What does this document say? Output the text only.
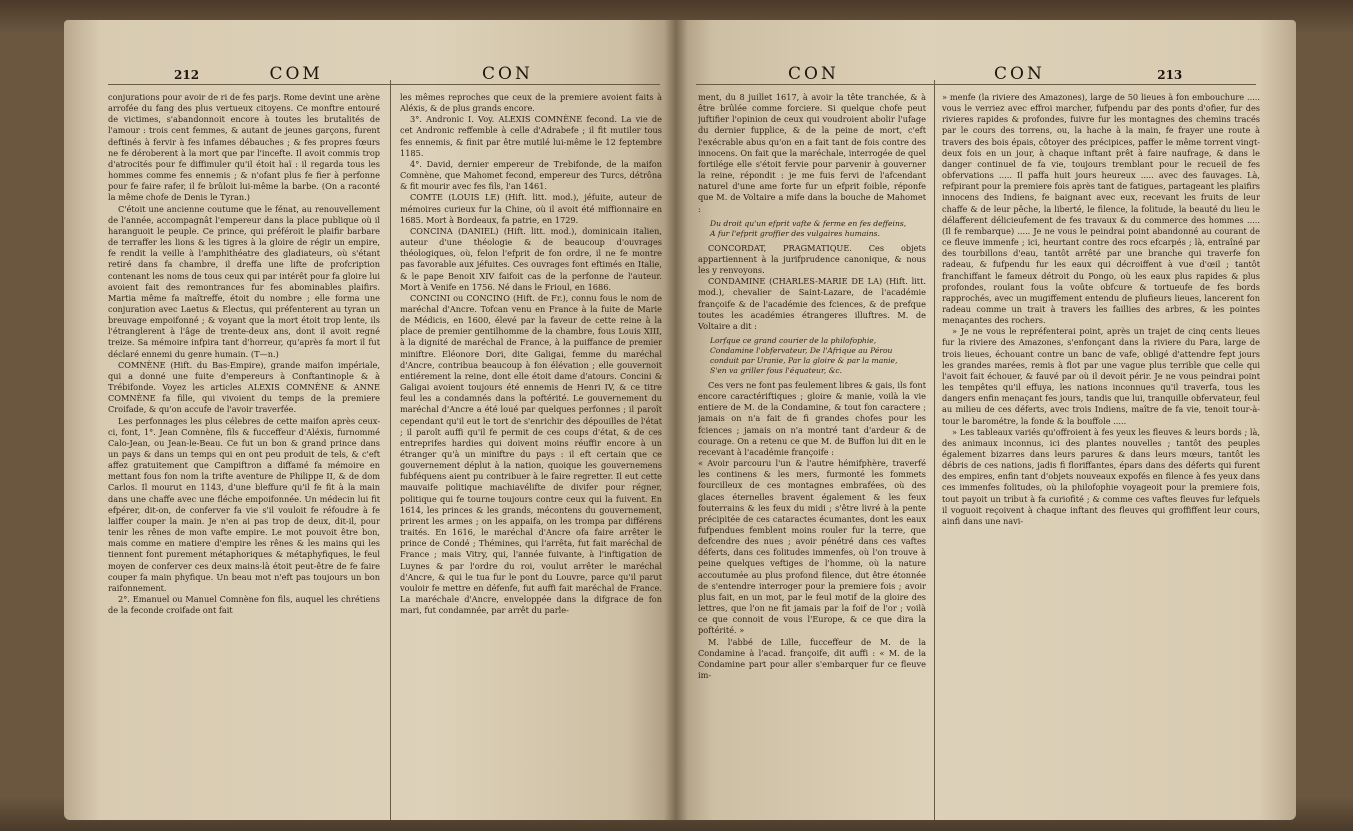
212	COM	CON

conjurations pour avoir de ri de fes parjs. Rome devint une arène arrofée du fang des plus vertueux citoyens. Ce monftre entouré de victimes, s'abandonnoit encore à toutes les brutalités de l'amour : trois cent femmes, & autant de jeunes garçons, furent deftinés à fervir à fes infames débauches ; & fes propres fœurs ne fe déroberent à la mort que par l'incefte. Il avoit commis trop d'atrocités pour fe diffimuler qu'il étoit haï : il regarda tous les hommes comme fes ennemis ; & n'ofant plus fe fier à perfonne pour fe faire rafer, il fe brûloit lui-même la barbe. (On a raconté la même chofe de Denis le Tyran.)

C'étoit une ancienne coutume que le fénat, au renouvellement de l'année, accompagnât l'empereur dans la place publique où il haranguoit le peuple. Ce prince, qui préféroit le plaifir barbare de terraffer les lions & les tigres à la gloire de régir un empire, fe rendit la veille à l'amphithéatre des gladiateurs, où s'étant retiré dans fa chambre, il dreffa une lifte de profcription contenant les noms de tous ceux qui par intérêt pour fa gloire lui avoient fait des remontrances fur fes abominables plaifirs. Martia même fa maîtreffe, étoit du nombre ; elle forma une conjuration avec Laetus & Electus, qui préfenterent au tyran un breuvage empoifonné ; & voyant que la mort étoit trop lente, ils l'étranglerent à l'âge de trente-deux ans, dont il avoit regné treize. Sa mémoire infpira tant d'horreur, qu'après fa mort il fut déclaré ennemi du genre humain. (T—n.)

COMNÈNE (Hift. du Bas-Empire), grande maifon impériale, qui a donné une fuite d'empereurs à Conftantinople & à Trébifonde. Voyez les articles ALEXIS COMNÈNE & ANNE COMNÈNE fa fille, qui vivoient du temps de la premiere Croifade, & qu'on accufe de l'avoir traverfée.

Les perfonnages les plus célebres de cette maifon après ceux-ci, font, 1°. Jean Comnène, fils & fucceffeur d'Aléxis, furnommé Calo-Jean, ou Jean-le-Beau. Ce fut un bon & grand prince dans un pays & dans un temps qui en ont peu produit de tels, & c'eft affez gratuitement que Campiftron a diffamé fa mémoire en mettant fous fon nom la trifte aventure de Philippe II, & de dom Carlos. Il mourut en 1143, d'une bleffure qu'il fe fit à la main dans une chaffe avec une fléche empoifonnée. Un médecin lui fit efpérer, dit-on, de conferver fa vie s'il vouloit fe réfoudre à fe laiffer couper la main. Je n'en ai pas trop de deux, dit-il, pour tenir les rênes de mon vafte empire. Le mot pouvoit être bon, mais comme en matiere d'empire les rênes & les mains qui les tiennent font purement métaphoriques & métaphyfiques, le feul moyen de conferver ces deux mains-là étoit peut-être de fe faire couper fa main phyfique. Un beau mot n'eft pas toujours un bon raifonnement.

2°. Emanuel ou Manuel Comnène fon fils, auquel les chrétiens de la feconde croifade ont fait

les mêmes reproches que ceux de la premiere avoient faits à Aléxis, & de plus grands encore.

3°. Andronic I. Voy. ALEXIS COMNÈNE fecond. La vie de cet Andronic reffemble à celle d'Adrabefe ; il fit mutiler tous fes ennemis, & finit par être mutilé lui-même le 12 feptembre 1185.

4°. David, dernier empereur de Trebifonde, de la maifon Comnène, que Mahomet fecond, empereur des Turcs, détrôna & fit mourir avec fes fils, l'an 1461.

COMTE (LOUIS LE) (Hift. litt. mod.), jéfuite, auteur de mémoires curieux fur la Chine, où il avoit été miffionnaire en 1685. Mort à Bordeaux, fa patrie, en 1729.

CONCINA (DANIEL) (Hift. litt. mod.), dominicain italien, auteur d'une théologie & de beaucoup d'ouvrages théologiques, où, felon l'efprit de fon ordre, il ne fe montre pas favorable aux jéfuites. Ces ouvrages font eftimés en Italie, & le pape Benoit XIV faifoit cas de la perfonne de l'auteur. Mort à Venife en 1756. Né dans le Frioul, en 1686.

CONCINI ou CONCINO (Hift. de Fr.), connu fous le nom de maréchal d'Ancre. Tofcan venu en France à la fuite de Marie de Médicis, en 1600, élevé par la faveur de cette reine à la place de premier gentilhomme de la chambre, fous Louis XIII, à la dignité de maréchal de France, à la puiffance de premier miniftre. Eléonore Dori, dite Galigai, femme du maréchal d'Ancre, contribua beaucoup à fon élévation ; elle gouvernoit entiérement la reine, dont elle étoit dame d'atours. Concini & Galigai avoient toujours été ennemis de Henri IV, & ce titre feul les a condamnés dans la poftérité. Le gouvernement du maréchal d'Ancre a été loué par quelques perfonnes ; il paroît cependant qu'il eut le tort de s'enrichir des dépouilles de l'état ; il paroît auffi qu'il fe permit de ces coups d'état, & de ces entreprifes hardies qui doivent moins réuffir encore à un étranger qu'à un miniftre du pays : il eft certain que ce gouvernement déplut à la nation, quoique les gouvernemens fubféquens aient pu contribuer à le faire regretter. Il eut cette mauvaife politique machiavéliftе de divifer pour régner, politique qui fe tourne toujours contre ceux qui la fuivent. En 1614, les princes & les grands, mécontens du gouvernement, prirent les armes ; on les appaifa, on les trompa par différens traités. En 1616, le maréchal d'Ancre ofa faire arrêter le prince de Condé ; Thémines, qui l'arrêta, fut fait maréchal de France ; mais Vitry, qui, l'année fuivante, à l'inftigation de Luynes & par l'ordre du roi, voulut arrêter le maréchal d'Ancre, & qui le tua fur le pont du Louvre, parce qu'il parut vouloir fe mettre en défenfe, fut auffi fait maréchal de France. La maréchale d'Ancre, enveloppée dans la difgrace de fon mari, fut condamnée, par arrêt du parle-

CON	CON	213

ment, du 8 juillet 1617, à avoir la tête tranchée, & à être brûlée comme forciere. Si quelque chofe peut juftifier l'opinion de ceux qui voudroient abolir l'ufage du dernier fupplice, & de la peine de mort, c'eft l'exécrable abus qu'on en a fait tant de fois contre des innocens. On fait que la maréchale, interrogée de quel fortilége elle s'étoit fervie pour parvenir à gouverner la reine, répondit : je me fuis fervi de l'afcendant naturel d'une ame forte fur un efprit foible, réponfe que M. de Voltaire a mife dans la bouche de Mahomet :

Du droit qu'un efprit vafte & ferme en fes deffeins, A fur l'efprit groffier des vulgaires humains.

CONCORDAT, PRAGMATIQUE. Ces objets appartiennent à la jurifprudence canonique, & nous les y renvoyons.

CONDAMINE (CHARLES-MARIE DE LA) (Hift. litt. mod.), chevalier de Saint-Lazare, de l'académie françoife & de l'académie des fciences, & de prefque toutes les académies étrangeres illuftres. M. de Voltaire a dit :

Lorfque ce grand courier de la philofophie, Condamine l'obfervateur, De l'Afrique au Pérou conduit par Uranie, Par la gloire & par la manie, S'en va griller fous l'équateur, &c.

Ces vers ne font pas feulement libres & gais, ils font encore caractériftiques ; gloire & manie, voilà la vie entiere de M. de la Condamine, & tout fon caractere ; jamais on n'a fait de fi grandes chofes pour les fciences ; jamais on n'a montré tant d'ardeur & de courage. On a retenu ce que M. de Buffon lui dit en le recevant à l'académie françoife :

« Avoir parcouru l'un & l'autre hémifphère, traverfé les continens & les mers, furmonté les fommets fourcilleux de ces montagnes embrafées, où des glaces éternelles bravent également & les feux fouterrains & les feux du midi ; s'être livré à la pente précipitée de ces cataractes écumantes, dont les eaux fufpendues femblent moins rouler fur la terre, que defcendre des nues ; avoir pénétré dans ces vaftes déferts, dans ces folitudes immenfes, où l'on trouve à peine quelques veftiges de l'homme, où la nature accoutumée au plus profond filence, dut être étonnée de s'entendre interroger pour la premiere fois ; avoir plus fait, en un mot, par le feul motif de la gloire des lettres, que l'on ne fit jamais par la foif de l'or ; voilà ce que connoit de vous l'Europe, & ce que dira la poftérité. »

M. l'abbé de Lille, fucceffeur de M. de la Condamine à l'acad. françoife, dit auffi : « M. de la Condamine part pour aller s'embarquer fur ce fleuve im-

» menfe (la riviere des Amazones), large de 50 lieues à fon embouchure ..... vous le verriez avec effroi marcher, fufpendu par des ponts d'ofier, fur des rivieres rapides & profondes, fuivre fur les montagnes des chemins tracés par le cours des torrens, ou, la hache à la main, fe frayer une route à travers des bois épais, côtoyer des précipices, paffer le même torrent vingt-deux fois en un jour, à chaque inftant prêt à faire naufrage, & dans le danger continuel de fa vie, toujours tremblant pour le recueil de fes obfervations ..... Il paffa huit jours heureux ..... avec des fauvages. Là, refpirant pour la premiere fois après tant de fatigues, partageant les plaifirs innocens des Indiens, fe baignant avec eux, recevant les fruits de leur chaffe & de leur pêche, la liberté, le filence, la folitude, la beauté du lieu le délafferent délicieufement de fes travaux & du commerce des hommes ..... (Il fe rembarque) ..... Je ne vous le peindrai point abandonné au courant de ce fleuve immenfe ; ici, heurtant contre des rocs efcarpés ; là, entraîné par des tourbillons d'eau, tantôt arrêté par une branche qui traverfe fon radeau, & fufpendu fur les eaux qui décroiffent à vue d'œil ; tantôt franchiffant le fameux détroit du Pongo, où les eaux plus rapides & plus profondes, roulant fous la voûte obfcure & tortueufe de fes bords rapprochés, avec un mugiffement entendu de plufieurs lieues, lancerent fon radeau comme un trait à travers les faillies des arbres, & les pointes menaçantes des rochers.

» Je ne vous le repréfenterai point, après un trajet de cinq cents lieues fur la riviere des Amazones, s'enfonçant dans la riviere du Para, large de trois lieues, échouant contre un banc de vafe, obligé d'attendre fept jours les grandes marées, remis à flot par une vague plus terrible que celle qui l'avoit fait échouer, & fauvé par où il devoit périr. Je ne vous peindrai point les tempêtes qu'il effuya, les nations inconnues qu'il traverfa, tous les dangers enfin menaçant fes jours, tandis que lui, tranquille obfervateur, feul au milieu de ces déferts, avec trois Indiens, maître de fa vie, tenoit tour-à-tour le barométre, la fonde & la bouffole .....

» Les tableaux variés qu'offroient à fes yeux les fleuves & leurs bords ; là, des animaux inconnus, ici des plantes nouvelles ; tantôt des peuples également bizarres dans leurs parures & dans leurs mœurs, tantôt les débris de ces nations, jadis fi floriffantes, épars dans des déferts qui furent des empires, enfin tant d'objets nouveaux expofés en filence à fes yeux dans ces immenfes folitudes, où la philofophie voyageoit pour la premiere fois, tout payoit un tribut à fa curiofité ; & comme ces vaftes fleuves fur lefquels il voguoit reçoivent à chaque inftant des fleuves qui groffiffent leur cours, ainfi dans une navi-
